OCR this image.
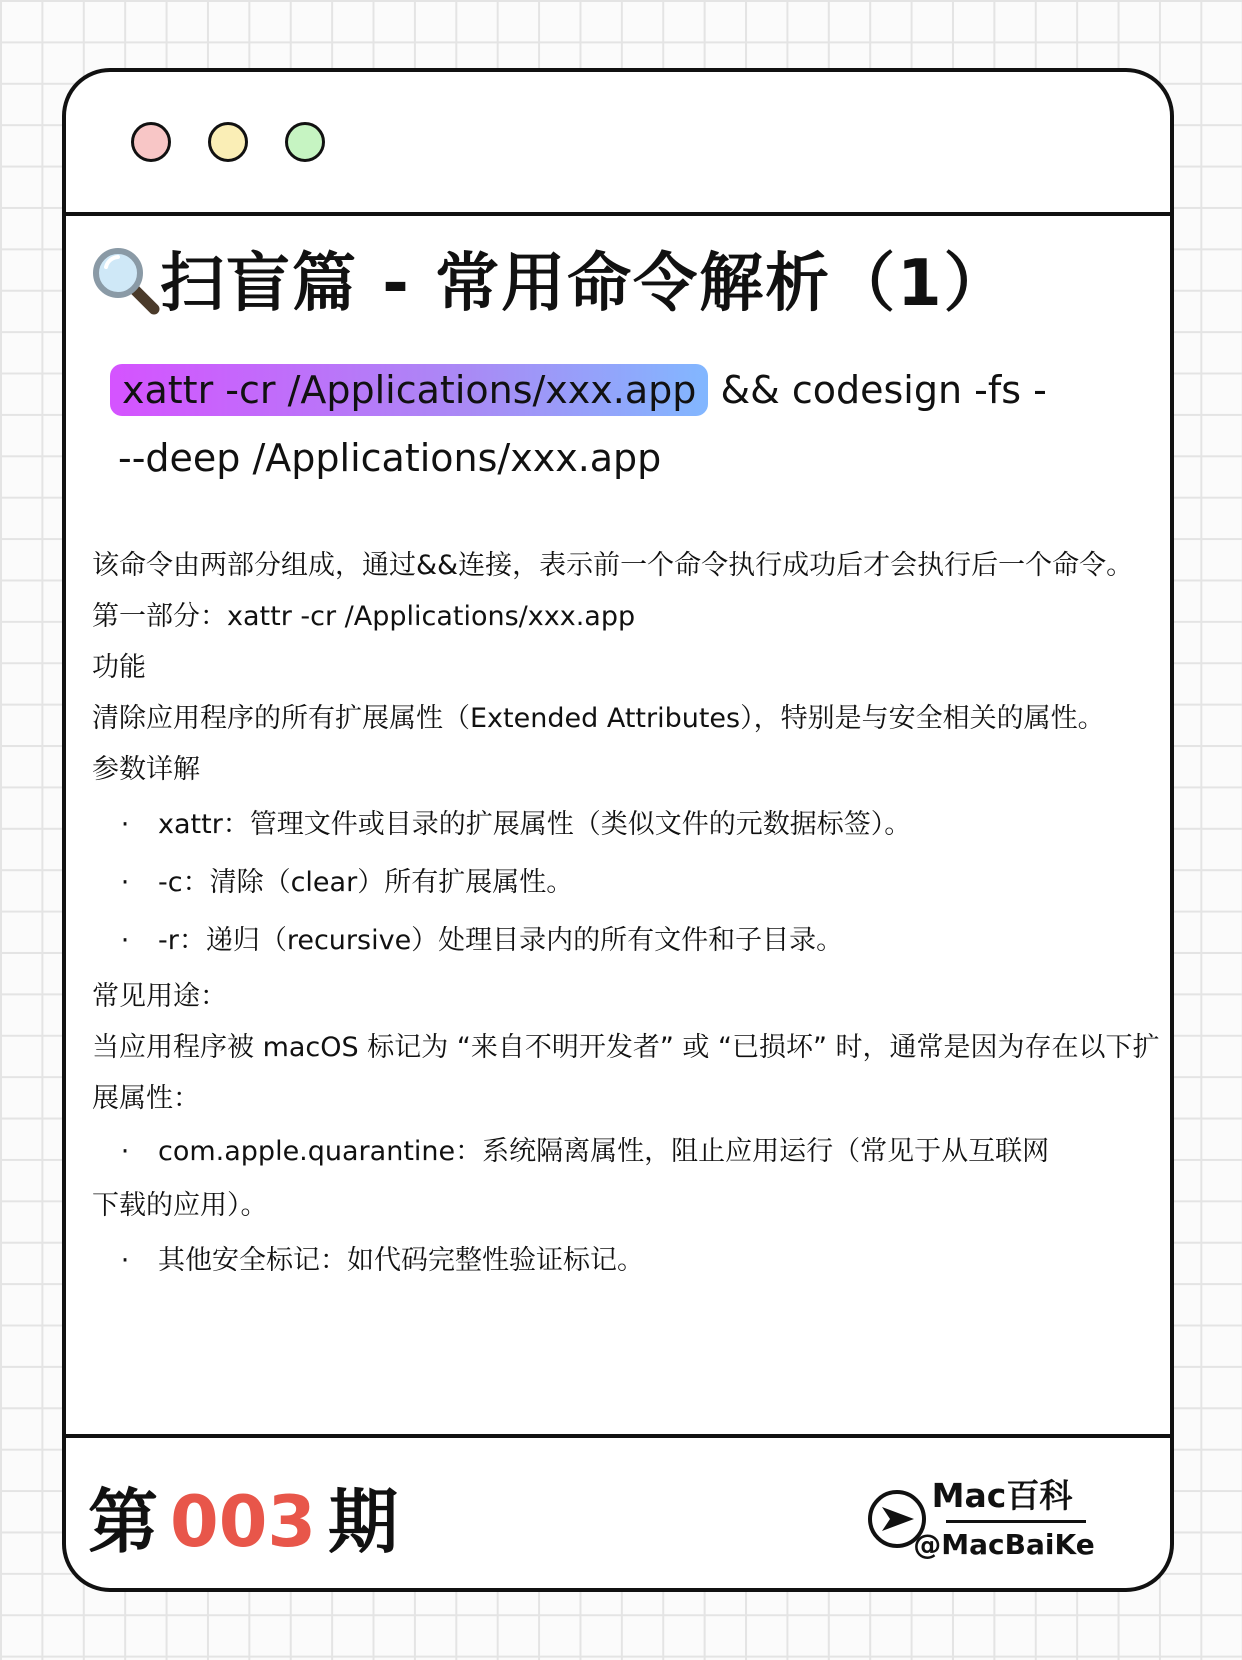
扫盲篇 - 常用命令解析（1）
xattr -cr /Applications/xxx.app && codesign -fs -
--deep /Applications/xxx.app

该命令由两部分组成，通过&&连接，表示前一个命令执行成功后才会执行后一个命令。

第一部分：xattr -cr /Applications/xxx.app

功能

清除应用程序的所有扩展属性（Extended Attributes），特别是与安全相关的属性。

参数详解

·	xattr：管理文件或目录的扩展属性（类似文件的元数据标签）。
·	-c：清除（clear）所有扩展属性。
·	-r：递归（recursive）处理目录内的所有文件和子目录。

常见用途：

当应用程序被 macOS 标记为 “来自不明开发者” 或 “已损坏” 时，通常是因为存在以下扩展属性：

·	com.apple.quarantine：系统隔离属性，阻止应用运行（常见于从互联网

下载的应用）。

·	其他安全标记：如代码完整性验证标记。
第 003 期	Mac百科
@MacBaiKe
